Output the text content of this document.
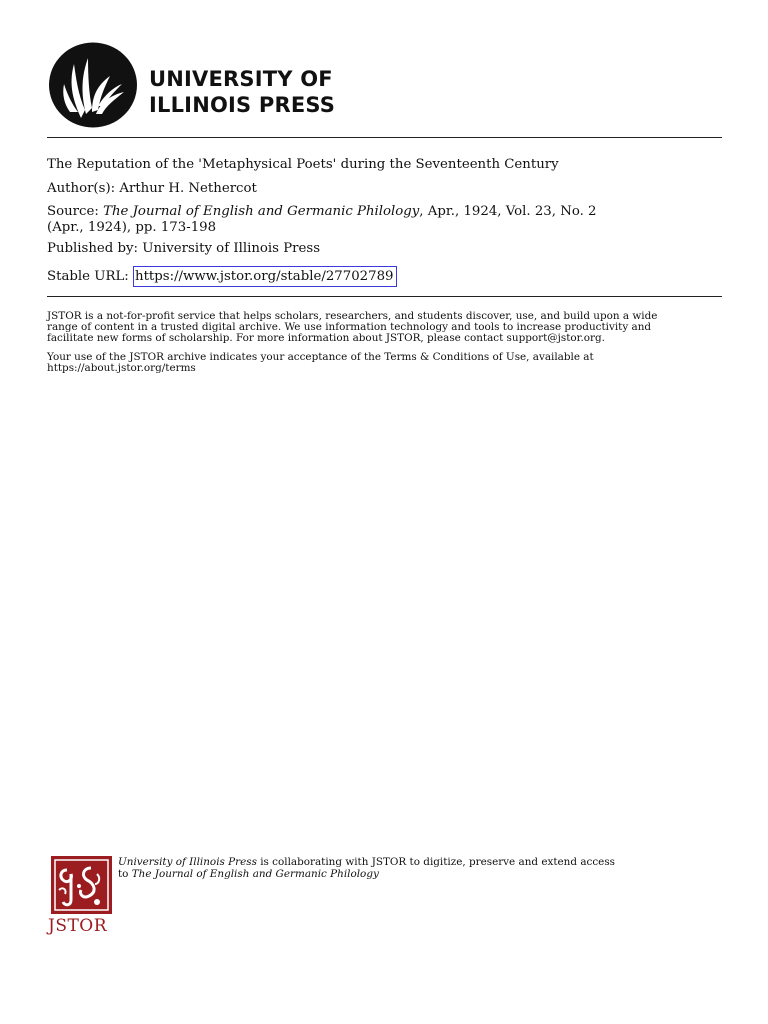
UNIVERSITY OF
ILLINOIS PRESS
The Reputation of the 'Metaphysical Poets' during the Seventeenth Century
Author(s): Arthur H. Nethercot
Source: The Journal of English and Germanic Philology, Apr., 1924, Vol. 23, No. 2
(Apr., 1924), pp. 173-198
Published by: University of Illinois Press
Stable URL: https://www.jstor.org/stable/27702789

JSTOR is a not-for-profit service that helps scholars, researchers, and students discover, use, and build upon a wide

range of content in a trusted digital archive. We use information technology and tools to increase productivity and

facilitate new forms of scholarship. For more information about JSTOR, please contact support@jstor.org.

Your use of the JSTOR archive indicates your acceptance of the Terms & Conditions of Use, available at

https://about.jstor.org/terms

JSTOR
University of Illinois Press is collaborating with JSTOR to digitize, preserve and extend access
to The Journal of English and Germanic Philology
